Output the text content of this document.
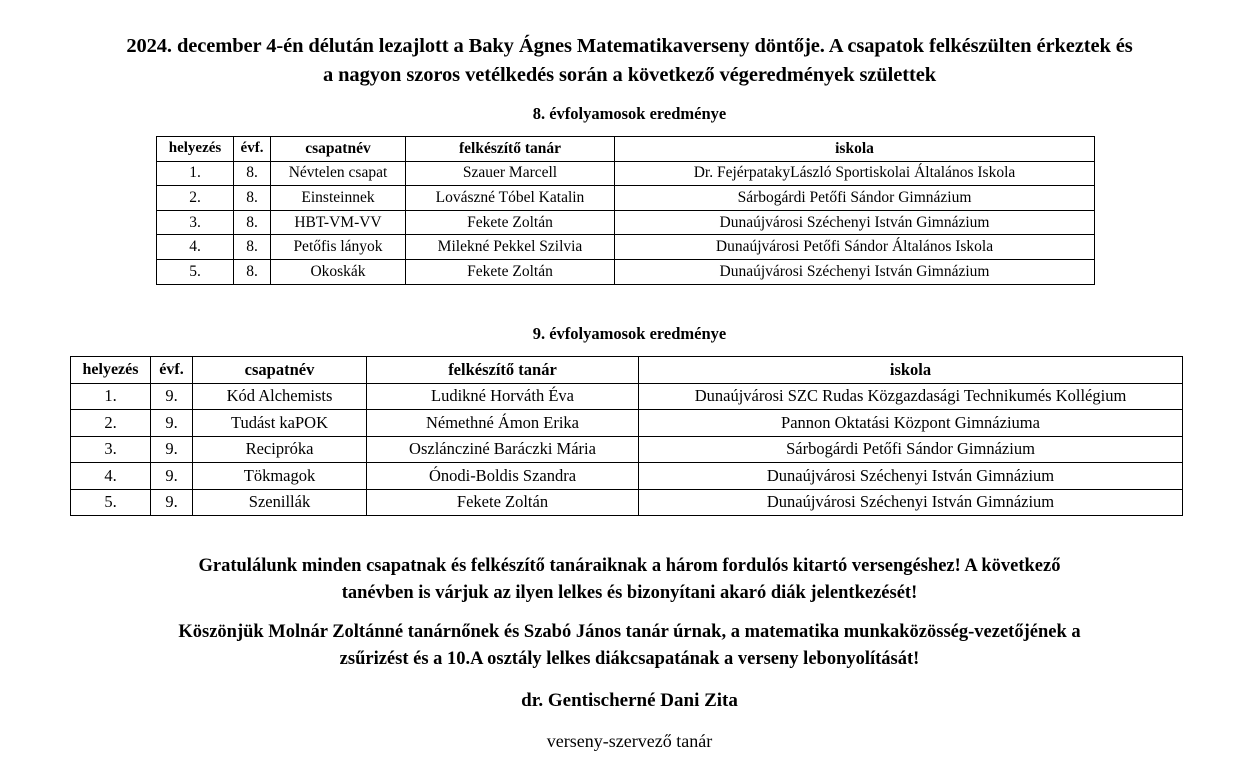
2024. december 4-én délután lezajlott a Baky Ágnes Matematikaverseny döntője. A csapatok felkészülten érkeztek és
a nagyon szoros vetélkedés során a következő végeredmények születtek
8. évfolyamosok eredménye
helyezés	évf.	csapatnév	felkészítő tanár	iskola
1.	8.	Névtelen csapat	Szauer Marcell	Dr. FejérpatakyLászló Sportiskolai Általános Iskola
2.	8.	Einsteinnek	Lovászné Tóbel Katalin	Sárbogárdi Petőfi Sándor Gimnázium
3.	8.	HBT-VM-VV	Fekete Zoltán	Dunaújvárosi Széchenyi István Gimnázium
4.	8.	Petőfis lányok	Milekné Pekkel Szilvia	Dunaújvárosi Petőfi Sándor Általános Iskola
5.	8.	Okoskák	Fekete Zoltán	Dunaújvárosi Széchenyi István Gimnázium
9. évfolyamosok eredménye
helyezés	évf.	csapatnév	felkészítő tanár	iskola
1.	9.	Kód Alchemists	Ludikné Horváth Éva	Dunaújvárosi SZC Rudas Közgazdasági Technikumés Kollégium
2.	9.	Tudást kaPOK	Némethné Ámon Erika	Pannon Oktatási Központ Gimnáziuma
3.	9.	Recipróka	Oszláncziné Baráczki Mária	Sárbogárdi Petőfi Sándor Gimnázium
4.	9.	Tökmagok	Ónodi-Boldis Szandra	Dunaújvárosi Széchenyi István Gimnázium
5.	9.	Szenillák	Fekete Zoltán	Dunaújvárosi Széchenyi István Gimnázium
Gratulálunk minden csapatnak és felkészítő tanáraiknak a három fordulós kitartó versengéshez! A következő
tanévben is várjuk az ilyen lelkes és bizonyítani akaró diák jelentkezését!
Köszönjük Molnár Zoltánné tanárnőnek és Szabó János tanár úrnak, a matematika munkaközösség-vezetőjének a
zsűrizést és a 10.A osztály lelkes diákcsapatának a verseny lebonyolítását!
dr. Gentischerné Dani Zita
verseny-szervező tanár
